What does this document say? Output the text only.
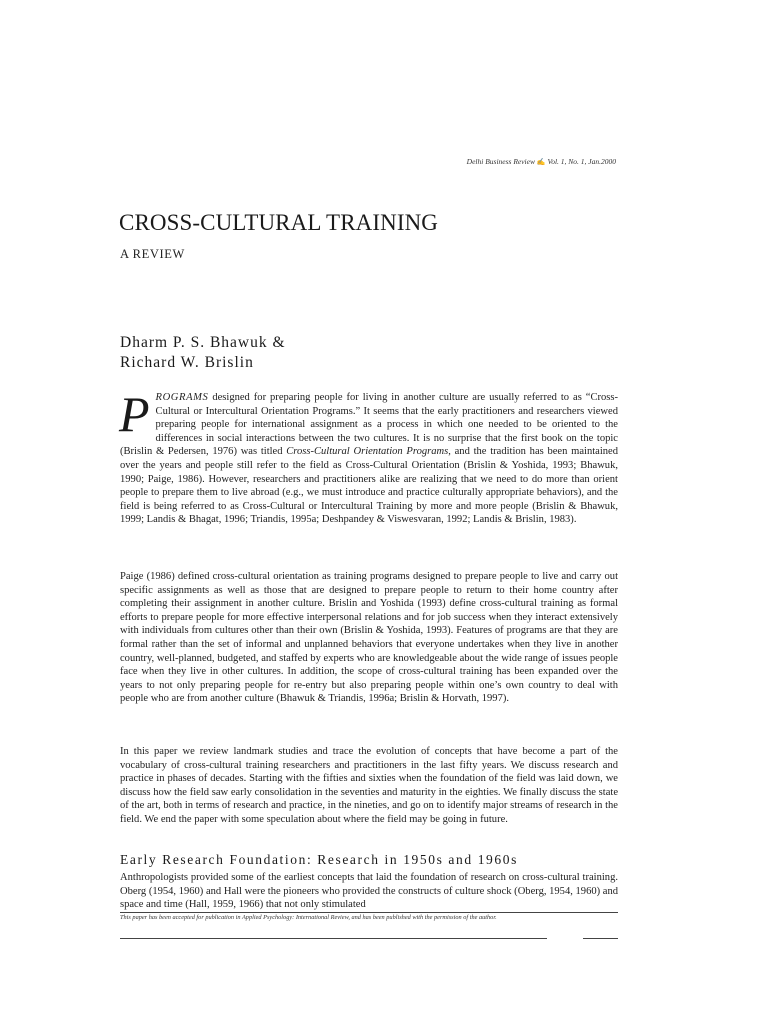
Delhi Business Review ✍ Vol. 1, No. 1, Jan.2000
CROSS-CULTURAL TRAINING
A REVIEW
Dharm P. S. Bhawuk &
Richard W. Brislin

PROGRAMS designed for preparing people for living in another culture are usually referred to as “Cross-Cultural or Intercultural Orientation Programs.” It seems that the early practitioners and researchers viewed preparing people for international assignment as a process in which one needed to be oriented to the differences in social interactions between the two cultures. It is no surprise that the first book on the topic (Brislin & Pedersen, 1976) was titled Cross-Cultural Orientation Programs, and the tradition has been maintained over the years and people still refer to the field as Cross-Cultural Orientation (Brislin & Yoshida, 1993; Bhawuk, 1990; Paige, 1986). However, researchers and practitioners alike are realizing that we need to do more than orient people to prepare them to live abroad (e.g., we must introduce and practice culturally appropriate behaviors), and the field is being referred to as Cross-Cultural or Intercultural Training by more and more people (Brislin & Bhawuk, 1999; Landis & Bhagat, 1996; Triandis, 1995a; Deshpandey & Viswesvaran, 1992; Landis & Brislin, 1983).

Paige (1986) defined cross-cultural orientation as training programs designed to prepare people to live and carry out specific assignments as well as those that are designed to prepare people to return to their home country after completing their assignment in another culture. Brislin and Yoshida (1993) define cross-cultural training as formal efforts to prepare people for more effective interpersonal relations and for job success when they interact extensively with individuals from cultures other than their own (Brislin & Yoshida, 1993). Features of programs are that they are formal rather than the set of informal and unplanned behaviors that everyone undertakes when they live in another country, well-planned, budgeted, and staffed by experts who are knowledgeable about the wide range of issues people face when they live in other cultures. In addition, the scope of cross-cultural training has been expanded over the years to not only preparing people for re-entry but also preparing people within one’s own country to deal with people who are from another culture (Bhawuk & Triandis, 1996a; Brislin & Horvath, 1997).

In this paper we review landmark studies and trace the evolution of concepts that have become a part of the vocabulary of cross-cultural training researchers and practitioners in the last fifty years. We discuss research and practice in phases of decades. Starting with the fifties and sixties when the foundation of the field was laid down, we discuss how the field saw early consolidation in the seventies and maturity in the eighties. We finally discuss the state of the art, both in terms of research and practice, in the nineties, and go on to identify major streams of research in the field. We end the paper with some speculation about where the field may be going in future.

Early Research Foundation: Research in 1950s and 1960s

Anthropologists provided some of the earliest concepts that laid the foundation of research on cross-cultural training. Oberg (1954, 1960) and Hall were the pioneers who provided the constructs of culture shock (Oberg, 1954, 1960) and space and time (Hall, 1959, 1966) that not only stimulated

This paper has been accepted for publication in Applied Psychology: International Review, and has been published with the permission of the author.
